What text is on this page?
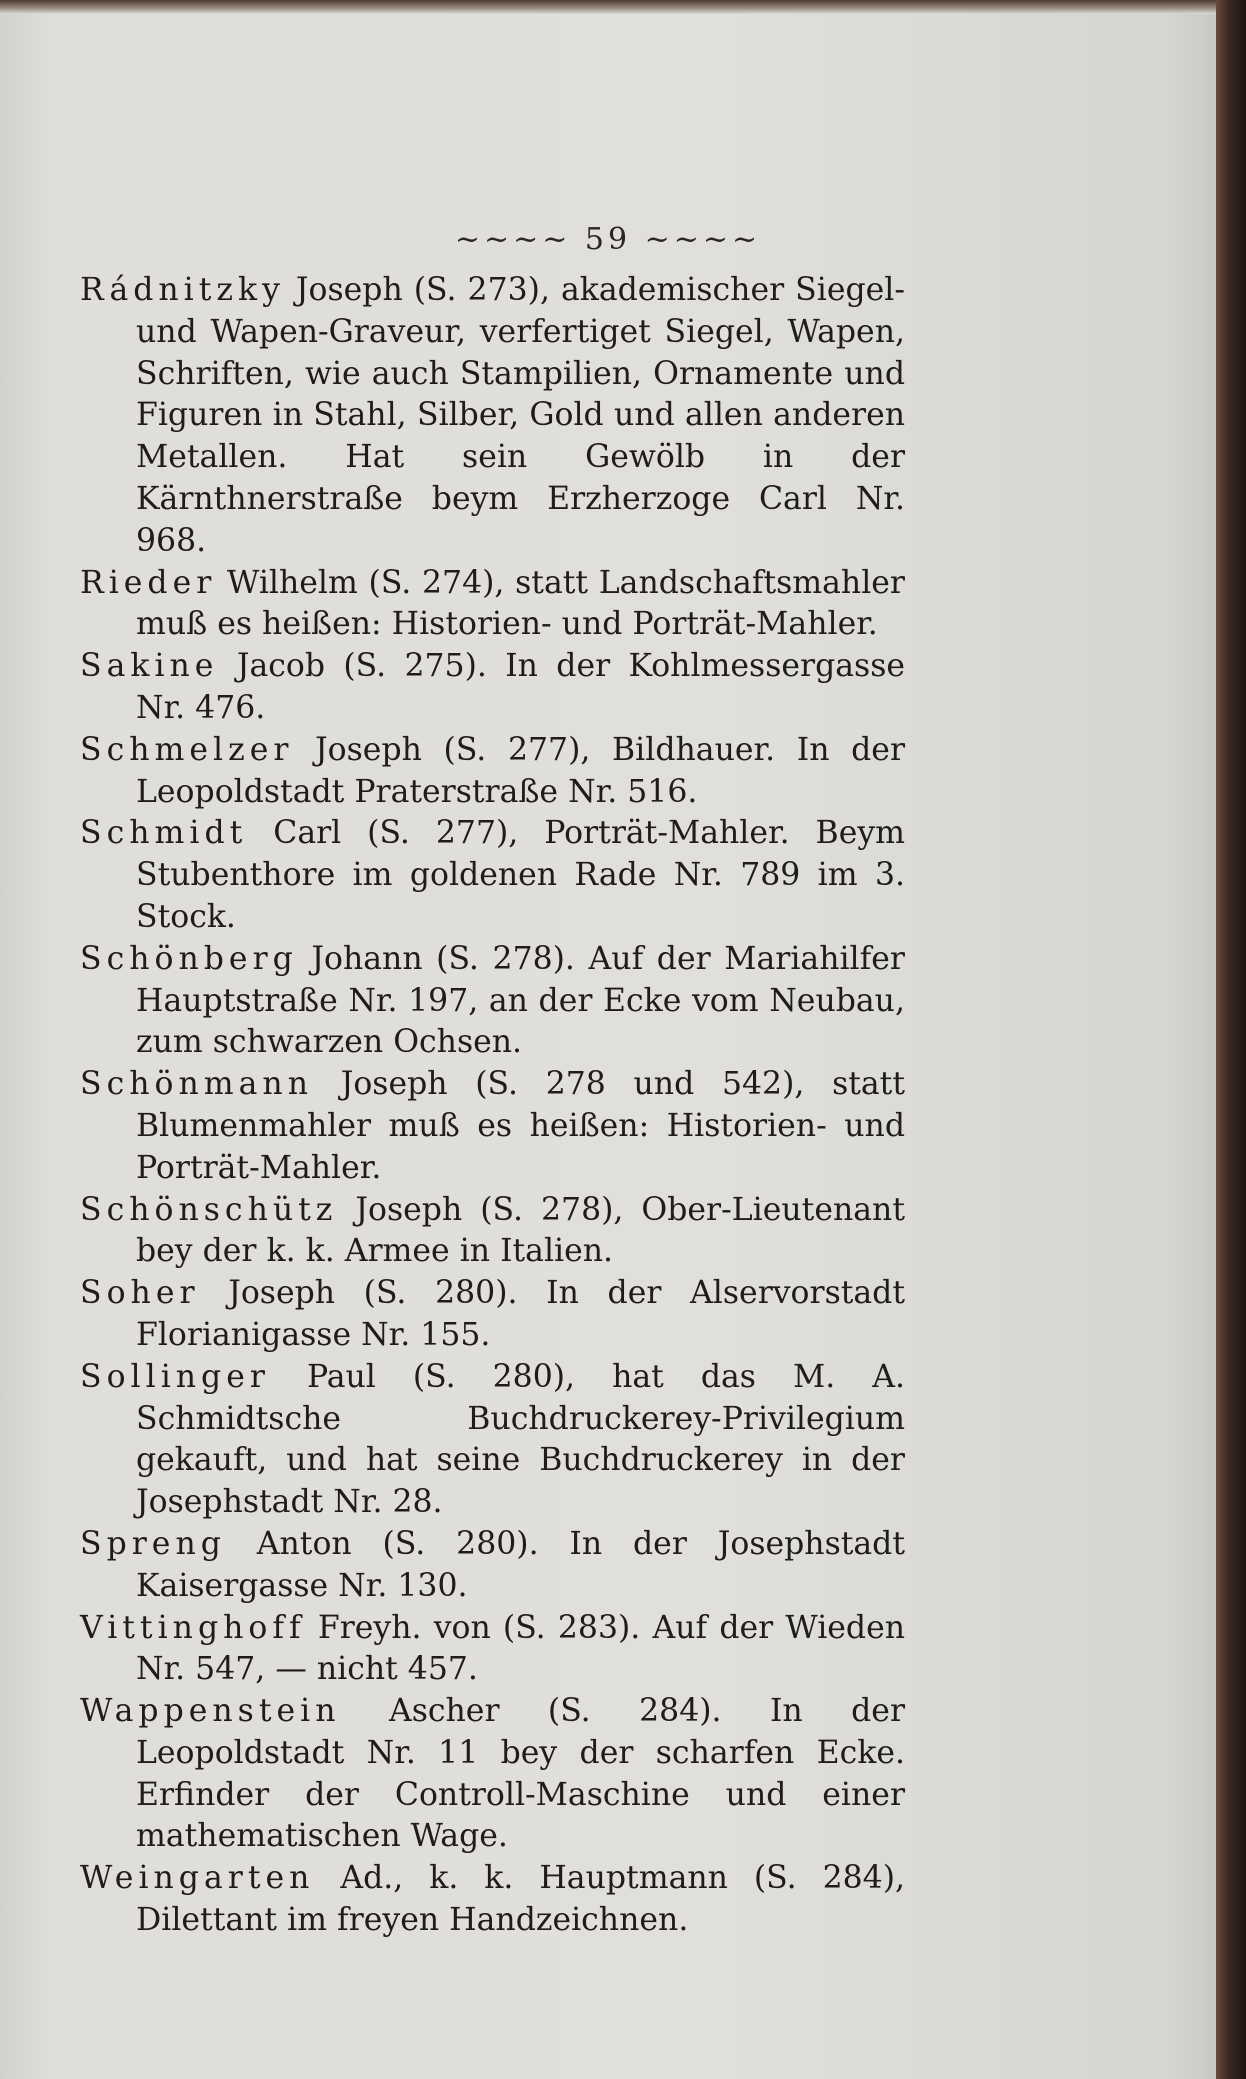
~~~~ 59 ~~~~
Rádnitzky Joseph (S. 273), akademischer Siegel- und Wapen-Graveur, verfertiget Siegel, Wapen, Schriften, wie auch Stampilien, Ornamente und Figuren in Stahl, Silber, Gold und allen anderen Metallen. Hat sein Gewölb in der Kärnthnerstraße beym Erzherzoge Carl Nr. 968.
Rieder Wilhelm (S. 274), statt Landschaftsmahler muß es heißen: Historien- und Porträt-Mahler.
Sakine Jacob (S. 275). In der Kohlmessergasse Nr. 476.
Schmelzer Joseph (S. 277), Bildhauer. In der Leopoldstadt Praterstraße Nr. 516.
Schmidt Carl (S. 277), Porträt-Mahler. Beym Stubenthore im goldenen Rade Nr. 789 im 3. Stock.
Schönberg Johann (S. 278). Auf der Mariahilfer Hauptstraße Nr. 197, an der Ecke vom Neubau, zum schwarzen Ochsen.
Schönmann Joseph (S. 278 und 542), statt Blumenmahler muß es heißen: Historien- und Porträt-Mahler.
Schönschütz Joseph (S. 278), Ober-Lieutenant bey der k. k. Armee in Italien.
Soher Joseph (S. 280). In der Alservorstadt Florianigasse Nr. 155.
Sollinger Paul (S. 280), hat das M. A. Schmidtsche Buchdruckerey-Privilegium gekauft, und hat seine Buchdruckerey in der Josephstadt Nr. 28.
Spreng Anton (S. 280). In der Josephstadt Kaisergasse Nr. 130.
Vittinghoff Freyh. von (S. 283). Auf der Wieden Nr. 547, — nicht 457.
Wappenstein Ascher (S. 284). In der Leopoldstadt Nr. 11 bey der scharfen Ecke. Erfinder der Controll-Maschine und einer mathematischen Wage.
Weingarten Ad., k. k. Hauptmann (S. 284), Dilettant im freyen Handzeichnen.
